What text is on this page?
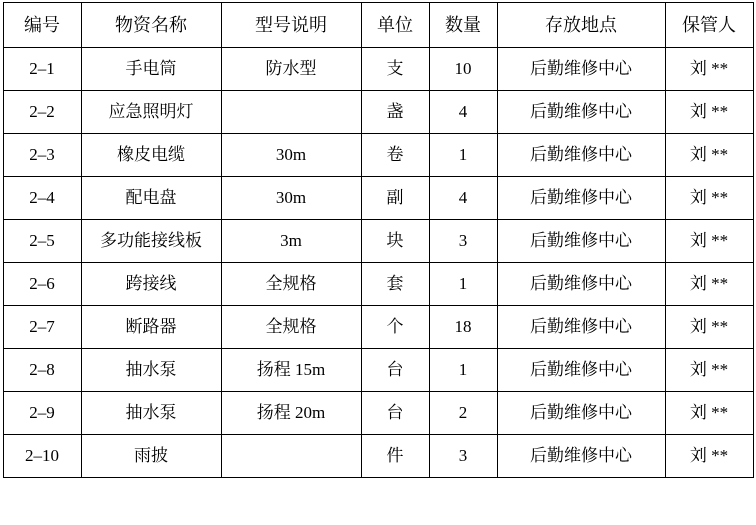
编号	物资名称	型号说明	单位	数量	存放地点	保管人
2–1	手电筒	防水型	支	10	后勤维修中心	刘 **
2–2	应急照明灯		盏	4	后勤维修中心	刘 **
2–3	橡皮电缆	30m	卷	1	后勤维修中心	刘 **
2–4	配电盘	30m	副	4	后勤维修中心	刘 **
2–5	多功能接线板	3m	块	3	后勤维修中心	刘 **
2–6	跨接线	全规格	套	1	后勤维修中心	刘 **
2–7	断路器	全规格	个	18	后勤维修中心	刘 **
2–8	抽水泵	扬程 15m	台	1	后勤维修中心	刘 **
2–9	抽水泵	扬程 20m	台	2	后勤维修中心	刘 **
2–10	雨披		件	3	后勤维修中心	刘 **
